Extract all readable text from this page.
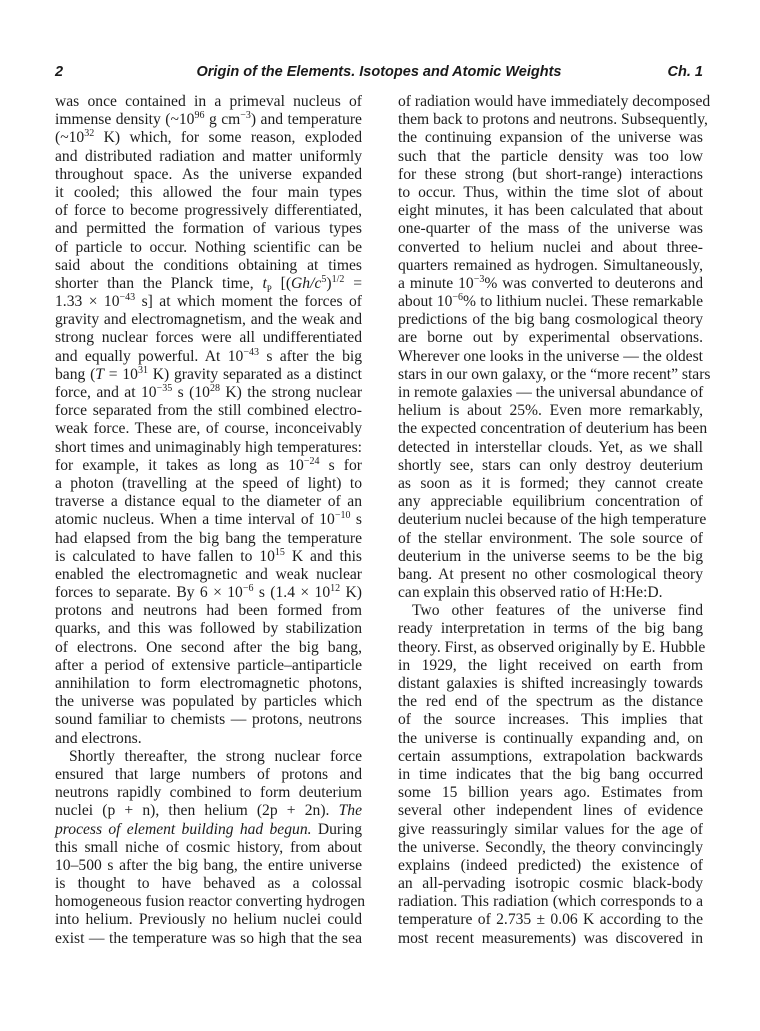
2	Origin of the Elements. Isotopes and Atomic Weights	Ch. 1
was once contained in a primeval nucleus of
immense density ($\sim 10^{96}$ g $cm^{-3}$) and temperature
($\sim 10^{32}$ K) which, for some reason, exploded
and distributed radiation and matter uniformly
throughout space. As the universe expanded
it cooled; this allowed the four main types
of force to become progressively differentiated,
and permitted the formation of various types
of particle to occur. Nothing scientific can be
said about the conditions obtaining at times
shorter than the Planck time, $t_P$ [$(Gh/c^5)^{1/2}$ =
$1.33 \times 10^{-43}$ s] at which moment the forces of
gravity and electromagnetism, and the weak and
strong nuclear forces were all undifferentiated
and equally powerful. At $10^{-43}$ s after the big
bang ($T = 10^{31}$ K) gravity separated as a distinct
force, and at $10^{-35}$ s ($10^{28}$ K) the strong nuclear
force separated from the still combined electro-
weak force. These are, of course, inconceivably
short times and unimaginably high temperatures:
for example, it takes as long as $10^{-24}$ s for
a photon (travelling at the speed of light) to
traverse a distance equal to the diameter of an
atomic nucleus. When a time interval of $10^{-10}$ s
had elapsed from the big bang the temperature
is calculated to have fallen to $10^{15}$ K and this
enabled the electromagnetic and weak nuclear
forces to separate. By $6 \times 10^{-6}$ s ($1.4 \times 10^{12}$ K)
protons and neutrons had been formed from
quarks, and this was followed by stabilization
of electrons. One second after the big bang,
after a period of extensive particle–antiparticle
annihilation to form electromagnetic photons,
the universe was populated by particles which
sound familiar to chemists — protons, neutrons
and electrons.
Shortly thereafter, the strong nuclear force
ensured that large numbers of protons and
neutrons rapidly combined to form deuterium
nuclei (p + n), then helium (2p + 2n). The
process of element building had begun. During
this small niche of cosmic history, from about
10–500 s after the big bang, the entire universe
is thought to have behaved as a colossal
homogeneous fusion reactor converting hydrogen
into helium. Previously no helium nuclei could
exist — the temperature was so high that the sea
of radiation would have immediately decomposed
them back to protons and neutrons. Subsequently,
the continuing expansion of the universe was
such that the particle density was too low
for these strong (but short-range) interactions
to occur. Thus, within the time slot of about
eight minutes, it has been calculated that about
one-quarter of the mass of the universe was
converted to helium nuclei and about three-
quarters remained as hydrogen. Simultaneously,
a minute $10^{-3}\%$ was converted to deuterons and
about $10^{-6}\%$ to lithium nuclei. These remarkable
predictions of the big bang cosmological theory
are borne out by experimental observations.
Wherever one looks in the universe — the oldest
stars in our own galaxy, or the “more recent” stars
in remote galaxies — the universal abundance of
helium is about 25%. Even more remarkably,
the expected concentration of deuterium has been
detected in interstellar clouds. Yet, as we shall
shortly see, stars can only destroy deuterium
as soon as it is formed; they cannot create
any appreciable equilibrium concentration of
deuterium nuclei because of the high temperature
of the stellar environment. The sole source of
deuterium in the universe seems to be the big
bang. At present no other cosmological theory
can explain this observed ratio of H:He:D.
Two other features of the universe find
ready interpretation in terms of the big bang
theory. First, as observed originally by E. Hubble
in 1929, the light received on earth from
distant galaxies is shifted increasingly towards
the red end of the spectrum as the distance
of the source increases. This implies that
the universe is continually expanding and, on
certain assumptions, extrapolation backwards
in time indicates that the big bang occurred
some 15 billion years ago. Estimates from
several other independent lines of evidence
give reassuringly similar values for the age of
the universe. Secondly, the theory convincingly
explains (indeed predicted) the existence of
an all-pervading isotropic cosmic black-body
radiation. This radiation (which corresponds to a
temperature of 2.735 ± 0.06 K according to the
most recent measurements) was discovered in
